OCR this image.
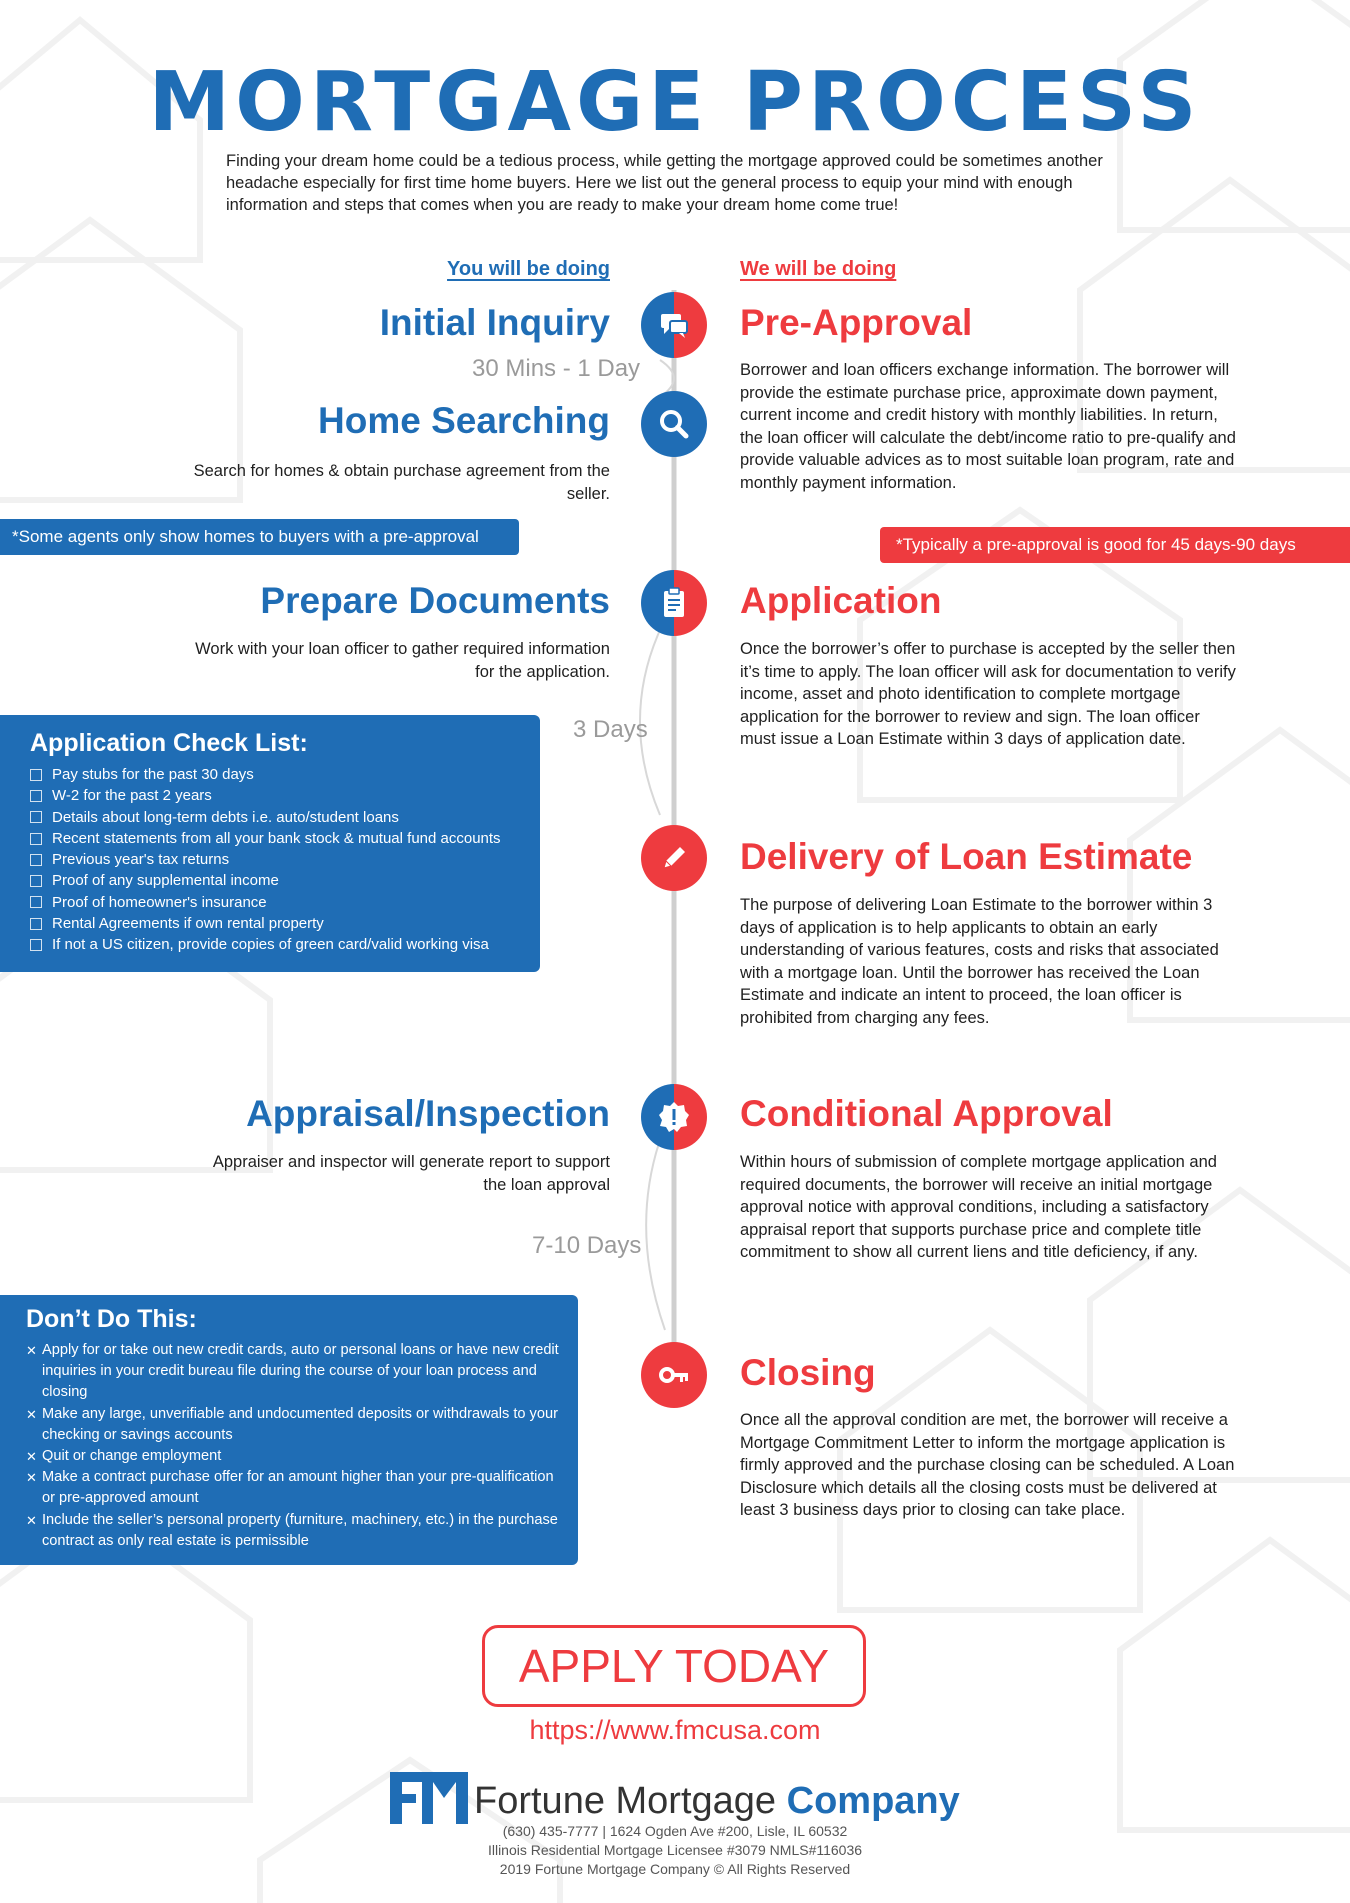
MORTGAGE PROCESS
Finding your dream home could be a tedious process, while getting the mortgage approved could be sometimes another headache especially for first time home buyers. Here we list out the general process to equip your mind with enough information and steps that comes when you are ready to make your dream home come true!
You will be doing	We will be doing
30 Mins - 1 Day
3 Days
7-10 Days
Initial Inquiry
Home Searching
Search for homes & obtain purchase agreement from the seller.
Prepare Documents
Work with your loan officer to gather required information for the application.
Appraisal/Inspection
Appraiser and inspector will generate report to support the loan approval
Pre-Approval
Borrower and loan officers exchange information. The borrower will provide the estimate purchase price, approximate down payment, current income and credit history with monthly liabilities. In return, the loan officer will calculate the debt/income ratio to pre-qualify and provide valuable advices as to most suitable loan program, rate and monthly payment information.
Application
Once the borrower’s offer to purchase is accepted by the seller then it’s time to apply. The loan officer will ask for documentation to verify income, asset and photo identification to complete mortgage application for the borrower to review and sign. The loan officer must issue a Loan Estimate within 3 days of application date.
Delivery of Loan Estimate
The purpose of delivering Loan Estimate to the borrower within 3 days of application is to help applicants to obtain an early understanding of various features, costs and risks that associated with a mortgage loan. Until the borrower has received the Loan Estimate and indicate an intent to proceed, the loan officer is prohibited from charging any fees.
Conditional Approval
Within hours of submission of complete mortgage application and required documents, the borrower will receive an initial mortgage approval notice with approval conditions, including a satisfactory appraisal report that supports purchase price and complete title commitment to show all current liens and title deficiency, if any.
Closing
Once all the approval condition are met, the borrower will receive a Mortgage Commitment Letter to inform the mortgage application is firmly approved and the purchase closing can be scheduled. A Loan Disclosure which details all the closing costs must be delivered at least 3 business days prior to closing can take place.
*Some agents only show homes to buyers with a pre-approval	*Typically a pre-approval is good for 45 days-90 days
Application Check List:
Pay stubs for the past 30 days
W-2 for the past 2 years
Details about long-term debts i.e. auto/student loans
Recent statements from all your bank stock & mutual fund accounts
Previous year's tax returns
Proof of any supplemental income
Proof of homeowner's insurance
Rental Agreements if own rental property
If not a US citizen, provide copies of green card/valid working visa
Don’t Do This:
✕ Apply for or take out new credit cards, auto or personal loans or have new credit inquiries in your credit bureau file during the course of your loan process and closing
✕ Make any large, unverifiable and undocumented deposits or withdrawals to your checking or savings accounts
✕ Quit or change employment
✕ Make a contract purchase offer for an amount higher than your pre-qualification or pre-approved amount
✕ Include the seller’s personal property (furniture, machinery, etc.) in the purchase contract as only real estate is permissible
APPLY TODAY
https://www.fmcusa.com
Fortune Mortgage Company
(630) 435-7777 | 1624 Ogden Ave #200, Lisle, IL 60532
Illinois Residential Mortgage Licensee #3079 NMLS#116036
2019 Fortune Mortgage Company © All Rights Reserved
